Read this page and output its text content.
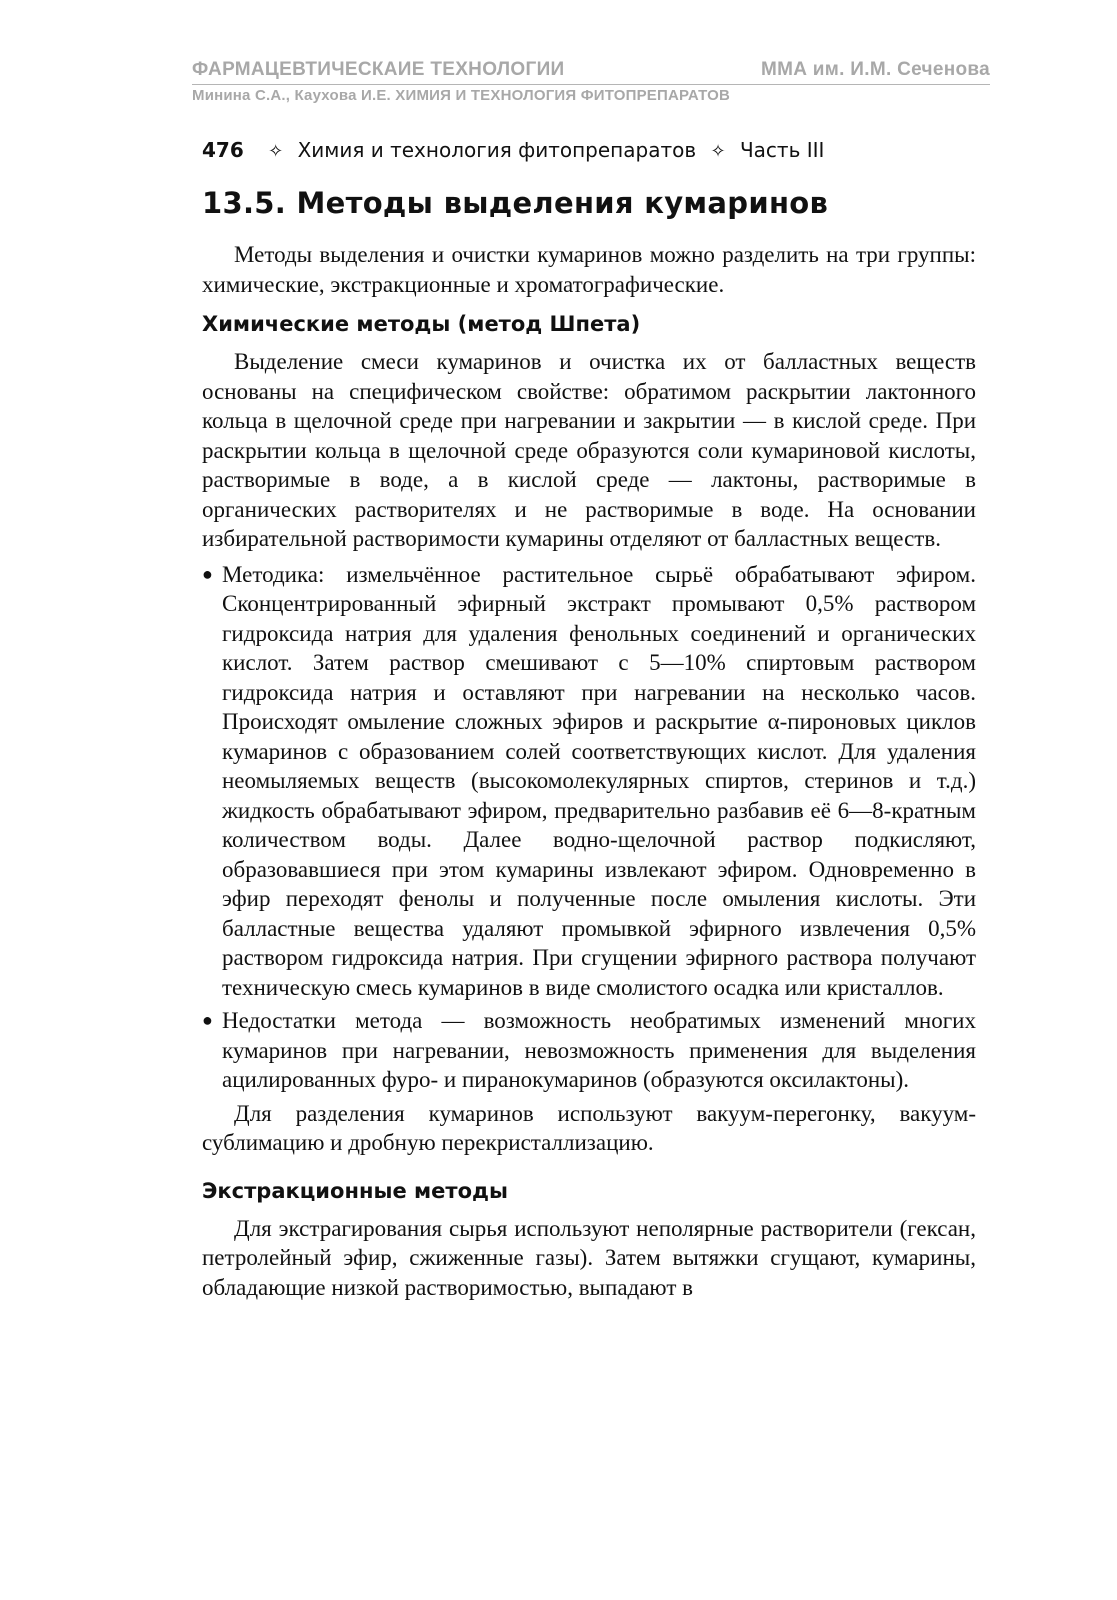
ФАРМАЦЕВТИЧЕСКАИЕ ТЕХНОЛОГИИ	ММА им. И.М. Сеченова
Минина С.А., Каухова И.Е. ХИМИЯ И ТЕХНОЛОГИЯ ФИТОПРЕПАРАТОВ
476 ✧ Химия и технология фитопрепаратов ✧ Часть III
13.5. Методы выделения кумаринов

Методы выделения и очистки кумаринов можно разделить на три группы: химические, экстракционные и хроматографические.

Химические методы (метод Шпета)

Выделение смеси кумаринов и очистка их от балластных веществ основаны на специфическом свойстве: обратимом раскрытии лактонного кольца в щелочной среде при нагревании и закрытии — в кислой среде. При раскрытии кольца в щелочной среде образуются соли кумариновой кислоты, растворимые в воде, а в кислой среде — лактоны, растворимые в органических растворителях и не растворимые в воде. На основании избирательной растворимости кумарины отделяют от балластных веществ.

● Методика: измельчённое растительное сырьё обрабатывают эфиром. Сконцентрированный эфирный экстракт промывают 0,5% раствором гидроксида натрия для удаления фенольных соединений и органических кислот. Затем раствор смешивают с 5—10% спиртовым раствором гидроксида натрия и оставляют при нагревании на несколько часов. Происходят омыление сложных эфиров и раскрытие α-пироновых циклов кумаринов с образованием солей соответствующих кислот. Для удаления неомыляемых веществ (высокомолекулярных спиртов, стеринов и т.д.) жидкость обрабатывают эфиром, предварительно разбавив её 6—8-кратным количеством воды. Далее водно-щелочной раствор подкисляют, образовавшиеся при этом кумарины извлекают эфиром. Одновременно в эфир переходят фенолы и полученные после омыления кислоты. Эти балластные вещества удаляют промывкой эфирного извлечения 0,5% раствором гидроксида натрия. При сгущении эфирного раствора получают техническую смесь кумаринов в виде смолистого осадка или кристаллов.
● Недостатки метода — возможность необратимых изменений многих кумаринов при нагревании, невозможность применения для выделения ацилированных фуро- и пиранокумаринов (образуются оксилактоны).

Для разделения кумаринов используют вакуум-перегонку, вакуум-сублимацию и дробную перекристаллизацию.

Экстракционные методы

Для экстрагирования сырья используют неполярные растворители (гексан, петролейный эфир, сжиженные газы). Затем вытяжки сгущают, кумарины, обладающие низкой растворимостью, выпадают в
